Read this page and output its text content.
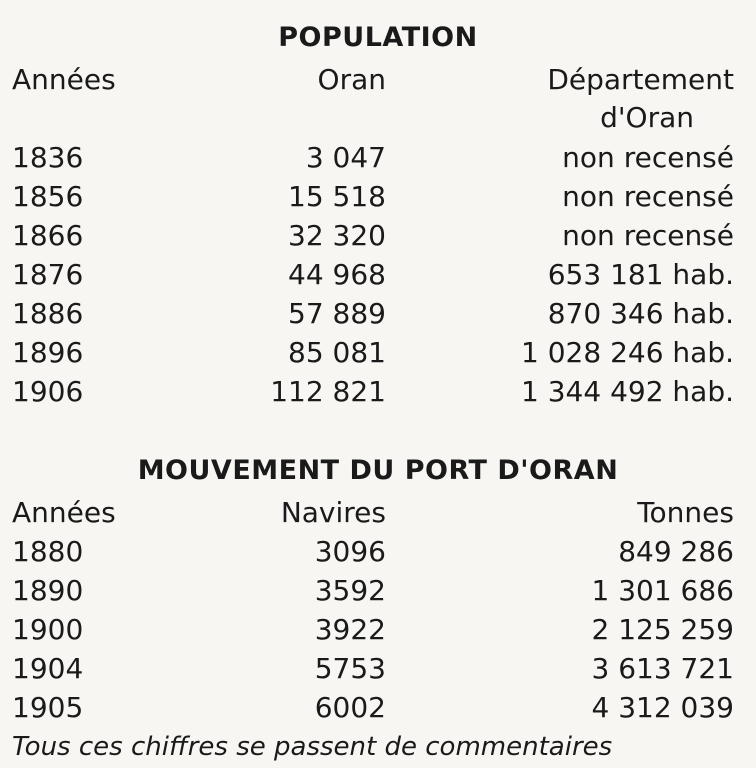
POPULATION
Années	Oran	Département
d'Oran
1836	3 047	non recensé
1856	15 518	non recensé
1866	32 320	non recensé
1876	44 968	653 181 hab.
1886	57 889	870 346 hab.
1896	85 081	1 028 246 hab.
1906	112 821	1 344 492 hab.
MOUVEMENT DU PORT D'ORAN
Années	Navires	Tonnes
1880	3096	849 286
1890	3592	1 301 686
1900	3922	2 125 259
1904	5753	3 613 721
1905	6002	4 312 039
Tous ces chiffres se passent de commentaires
